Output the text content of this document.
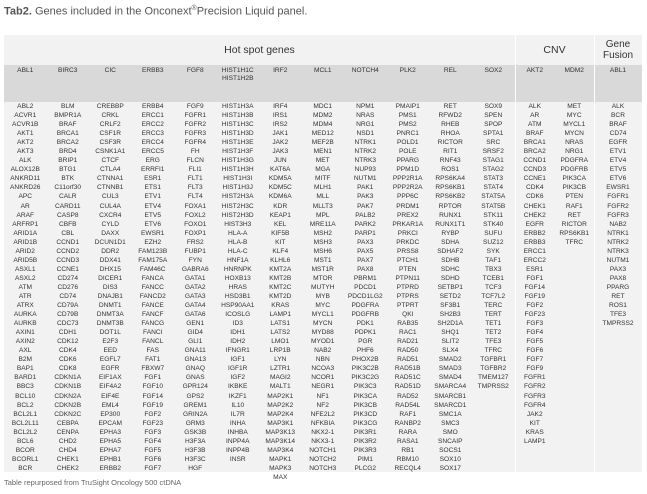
Tab2. Genes included in the Onconext®Precision Liquid panel.
Hot spot genes	CNV	Gene Fusion
ABL1
ABL2
ACVR1
ACVR1B
AKT1
AKT2
AKT3
ALK
ALOX12B
ANKRD11
ANKRD26
APC
AR
ARAF
ARFRP1
ARID1A
ARID1B
ARID2
ARID5B
ASXL1
ASXL2
ATM
ATR
ATRX
AURKA
AURKB
AXIN1
AXIN2
AXL
B2M
BAP1
BARD1
BBC3
BCL10
BCL2
BCL2L1
BCL2L11
BCL2L2
BCL6
BCOR
BCORL1
BCR
BIRC3
BLM
BMPR1A
BRAF
BRCA1
BRCA2
BRD4
BRIP1
BTG1
BTK
C11orf30
CALR
CARD11
CASP8
CBFB
CBL
CCND1
CCND2
CCND3
CCNE1
CD274
CD276
CD74
CD79A
CD79B
CDC73
CDH1
CDK12
CDK4
CDK6
CDK8
CDKN1A
CDKN1B
CDKN2A
CDKN2B
CDKN2C
CEBPA
CENPA
CHD2
CHD4
CHEK1
CHEK2
CIC
CREBBP
CRKL
CRLF2
CSF1R
CSF3R
CSNK1A1
CTCF
CTLA4
CTNNA1
CTNNB1
CUL3
CUL4A
CXCR4
CYLD
DAXX
DCUN1D1
DDR2
DDX41
DHX15
DICER1
DIS3
DNAJB1
DNMT1
DNMT3A
DNMT3B
DOT1L
E2F3
EED
EGFL7
EGFR
EIF1AX
EIF4A2
EIF4E
EML4
EP300
EPCAM
EPHA3
EPHA5
EPHA7
EPHB1
ERBB2
ERBB3
ERBB4
ERCC1
ERCC2
ERCC3
ERCC4
ERCC5
ERG
ERRFI1
ESR1
ETS1
ETV1
ETV4
ETV5
ETV6
EWSR1
EZH2
FAM123B
FAM175A
FAM46C
FANCA
FANCC
FANCD2
FANCE
FANCF
FANCG
FANCI
FANCL
FAS
FAT1
FBXW7
FGF1
FGF10
FGF14
FGF19
FGF2
FGF23
FGF3
FGF4
FGF5
FGF6
FGF7
FGF8
FGF9
FGFR1
FGFR2
FGFR3
FGFR4
FH
FLCN
FLI1
FLT1
FLT3
FLT4
FOXA1
FOXL2
FOXO1
FOXP1
FRS2
FUBP1
FYN
GABRA6
GATA1
GATA2
GATA3
GATA4
GATA6
GEN1
GID4
GLI1
GNA11
GNA13
GNAQ
GNAS
GPR124
GPS2
GREM1
GRIN2A
GRM3
GSK3B
H3F3A
H3F3B
H3F3C
HGF
HIST1H1C
HIST1H2B
HIST1H3A
HIST1H3B
HIST1H3C
HIST1H3D
HIST1H3E
HIST1H3F
HIST1H3G
HIST1H3H
HIST1H3I
HIST1H3J
HIST2H3A
HIST2H3C
HIST2H3D
HIST3H3
HLA-A
HLA-B
HLA-C
HNF1A
HNRNPK
HOXB13
HRAS
HSD3B1
HSP90AA1
ICOSLG
ID3
IDH1
IDH2
IFNGR1
IGF1
IGF1R
IGF2
IKBKE
IKZF1
IL10
IL7R
INHA
INHBA
INPP4A
INPP4B
INSR
IRF2
IRF4
IRS1
IRS2
JAK1
JAK2
JAK3
JUN
KAT6A
KDM5A
KDM5C
KDM6A
KDR
KEAP1
KEL
KIF5B
KIT
KLF4
KLHL6
KMT2A
KMT2B
KMT2C
KMT2D
KRAS
LAMP1
LATS1
LATS2
LMO1
LRP1B
LYN
LZTR1
MAGI2
MALT1
MAP2K1
MAP2K2
MAP2K4
MAP3K1
MAP3K13
MAP3K14
MAP3K4
MAPK1
MAPK3
MAX
MCL1
MDC1
MDM2
MDM4
MED12
MEF2B
MEN1
MET
MGA
MITF
MLH1
MLL
MLLT3
MPL
MRE11A
MSH2
MSH3
MSH6
MST1
MST1R
MTOR
MUTYH
MYB
MYC
MYCL1
MYCN
MYD88
MYOD1
NAB2
NBN
NCOA3
NCOR1
NEGR1
NF1
NF2
NFE2L2
NFKBIA
NKX2-1
NKX3-1
NOTCH1
NOTCH2
NOTCH3
NOTCH4
NPM1
NRAS
NRG1
NSD1
NTRK1
NTRK2
NTRK3
NUP93
NUTM1
PAK1
PAK3
PAK7
PALB2
PARK2
PARP1
PAX3
PAX5
PAX7
PAX8
PBRM1
PDCD1
PDCD1LG2
PDGFRA
PDGFRB
PDK1
PDPK1
PGR
PHF6
PHOX2B
PIK3C2B
PIK3C2G
PIK3C3
PIK3CA
PIK3CB
PIK3CD
PIK3CG
PIK3R1
PIK3R2
PIK3R3
PIM1
PLCG2
PLK2
PMAIP1
PMS1
PMS2
PNRC1
POLD1
POLE
PPARG
PPM1D
PPP2R1A
PPP2R2A
PPP6C
PRDM1
PREX2
PRKAR1A
PRKCI
PRKDC
PRSS8
PTCH1
PTEN
PTPN11
PTPRD
PTPRS
PTPRT
QKI
RAB35
RAC1
RAD21
RAD50
RAD51
RAD51B
RAD51C
RAD51D
RAD52
RAD54L
RAF1
RANBP2
RARA
RASA1
RB1
RBM10
RECQL4
REL
RET
RFWD2
RHEB
RHOA
RICTOR
RIT1
RNF43
ROS1
RPS6KA4
RPS6KB1
RPS6KB2
RPTOR
RUNX1
RUNX1T1
RYBP
SDHA
SDHAF2
SDHB
SDHC
SDHD
SETBP1
SETD2
SF3B1
SH2B3
SH2D1A
SHQ1
SLIT2
SLX4
SMAD2
SMAD3
SMAD4
SMARCA4
SMARCB1
SMARCD1
SMC1A
SMC3
SMO
SNCAIP
SOCS1
SOX10
SOX17
SOX2
SOX9
SPEN
SPOP
SPTA1
SRC
SRSF2
STAG1
STAG2
STAT3
STAT4
STAT5A
STAT5B
STK11
STK40
SUFU
SUZ12
SYK
TAF1
TBX3
TCEB1
TCF3
TCF7L2
TERC
TERT
TET1
TET2
TFE3
TFRC
TGFBR1
TGFBR2
TMEM127
TMPRSS2
AKT2
ALK
AR
ATM
BRAF
BRCA1
BRCA2
CCND1
CCND3
CCNE1
CDK4
CDK6
CHEK1
CHEK2
EGFR
ERBB2
ERBB3
ERCC1
ERCC2
ESR1
FGF1
FGF14
FGF19
FGF2
FGF23
FGF3
FGF4
FGF5
FGF6
FGF7
FGF9
FGFR1
FGFR2
FGFR3
FGFR4
JAK2
KIT
KRAS
LAMP1
MDM2
MET
MYC
MYCL1
MYCN
NRAS
NRG1
PDGFRA
PDGFRB
PIK3CA
PIK3CB
PTEN
RAF1
RET
RICTOR
RPS6KB1
TFRC
ABL1
ALK
BCR
BRAF
CD74
EGFR
ETV1
ETV4
ETV5
ETV6
EWSR1
FGFR1
FGFR2
FGFR3
NAB2
NTRK1
NTRK2
NTRK3
NUTM1
PAX3
PAX8
PPARG
RET
ROS1
TFE3
TMPRSS2
Table repurposed from TruSight Oncology 500 ctDNA
